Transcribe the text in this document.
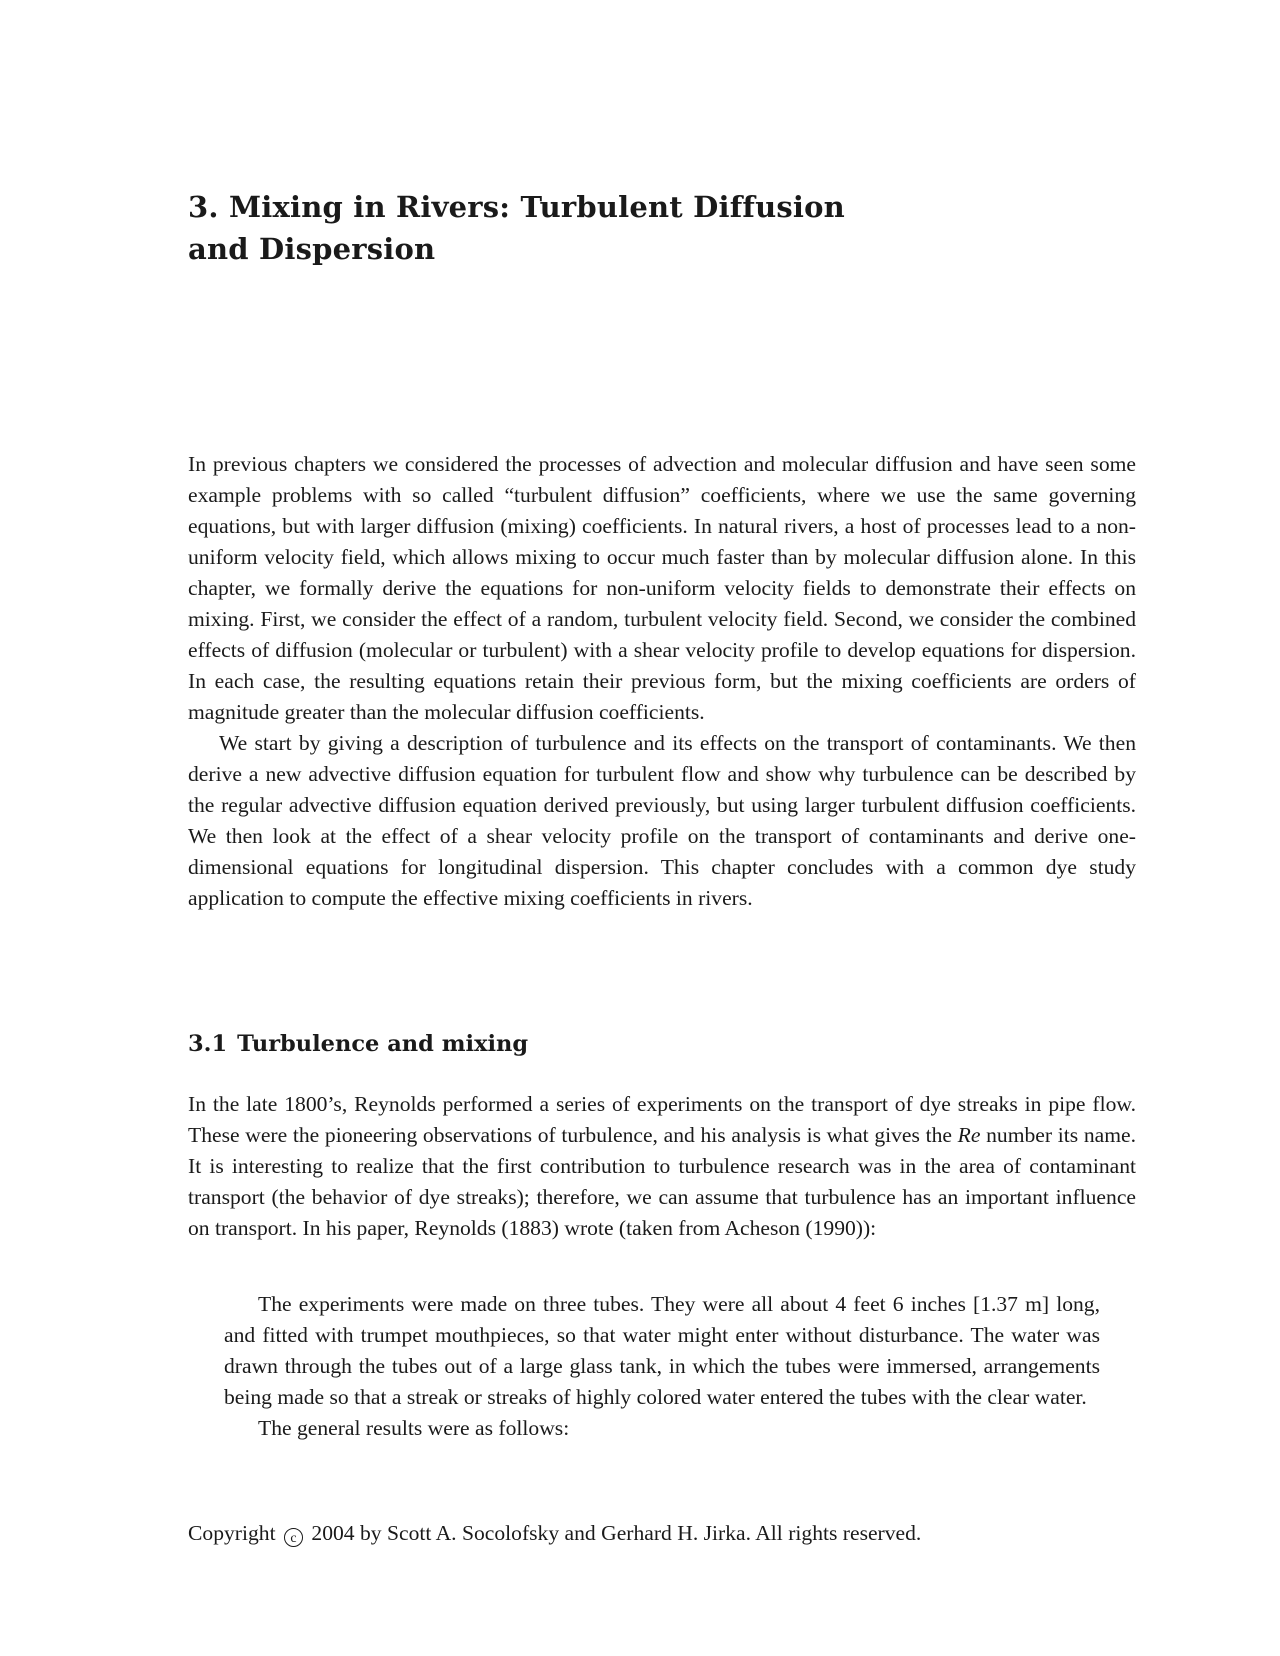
3. Mixing in Rivers: Turbulent Diffusion
and Dispersion

In previous chapters we considered the processes of advection and molecular diffusion and have seen some example problems with so called “turbulent diffusion” coefficients, where we use the same governing equations, but with larger diffusion (mixing) coefficients. In natural rivers, a host of processes lead to a non-uniform velocity field, which allows mixing to occur much faster than by molecular diffusion alone. In this chapter, we formally derive the equations for non-uniform velocity fields to demonstrate their effects on mixing. First, we consider the effect of a random, turbulent velocity field. Second, we consider the combined effects of diffusion (molecular or turbulent) with a shear velocity profile to develop equations for dispersion. In each case, the resulting equations retain their previous form, but the mixing coefficients are orders of magnitude greater than the molecular diffusion coefficients.

We start by giving a description of turbulence and its effects on the transport of contaminants. We then derive a new advective diffusion equation for turbulent flow and show why turbulence can be described by the regular advective diffusion equation derived previously, but using larger turbulent diffusion coefficients. We then look at the effect of a shear velocity profile on the transport of contaminants and derive one-dimensional equations for longitudinal dispersion. This chapter concludes with a common dye study application to compute the effective mixing coefficients in rivers.

3.1 Turbulence and mixing

In the late 1800’s, Reynolds performed a series of experiments on the transport of dye streaks in pipe flow. These were the pioneering observations of turbulence, and his analysis is what gives the Re number its name. It is interesting to realize that the first contribution to turbulence research was in the area of contaminant transport (the behavior of dye streaks); therefore, we can assume that turbulence has an important influence on transport. In his paper, Reynolds (1883) wrote (taken from Acheson (1990)):

The experiments were made on three tubes. They were all about 4 feet 6 inches [1.37 m] long, and fitted with trumpet mouthpieces, so that water might enter without disturbance. The water was drawn through the tubes out of a large glass tank, in which the tubes were immersed, arrangements being made so that a streak or streaks of highly colored water entered the tubes with the clear water.

The general results were as follows:

Copyright c 2004 by Scott A. Socolofsky and Gerhard H. Jirka. All rights reserved.
